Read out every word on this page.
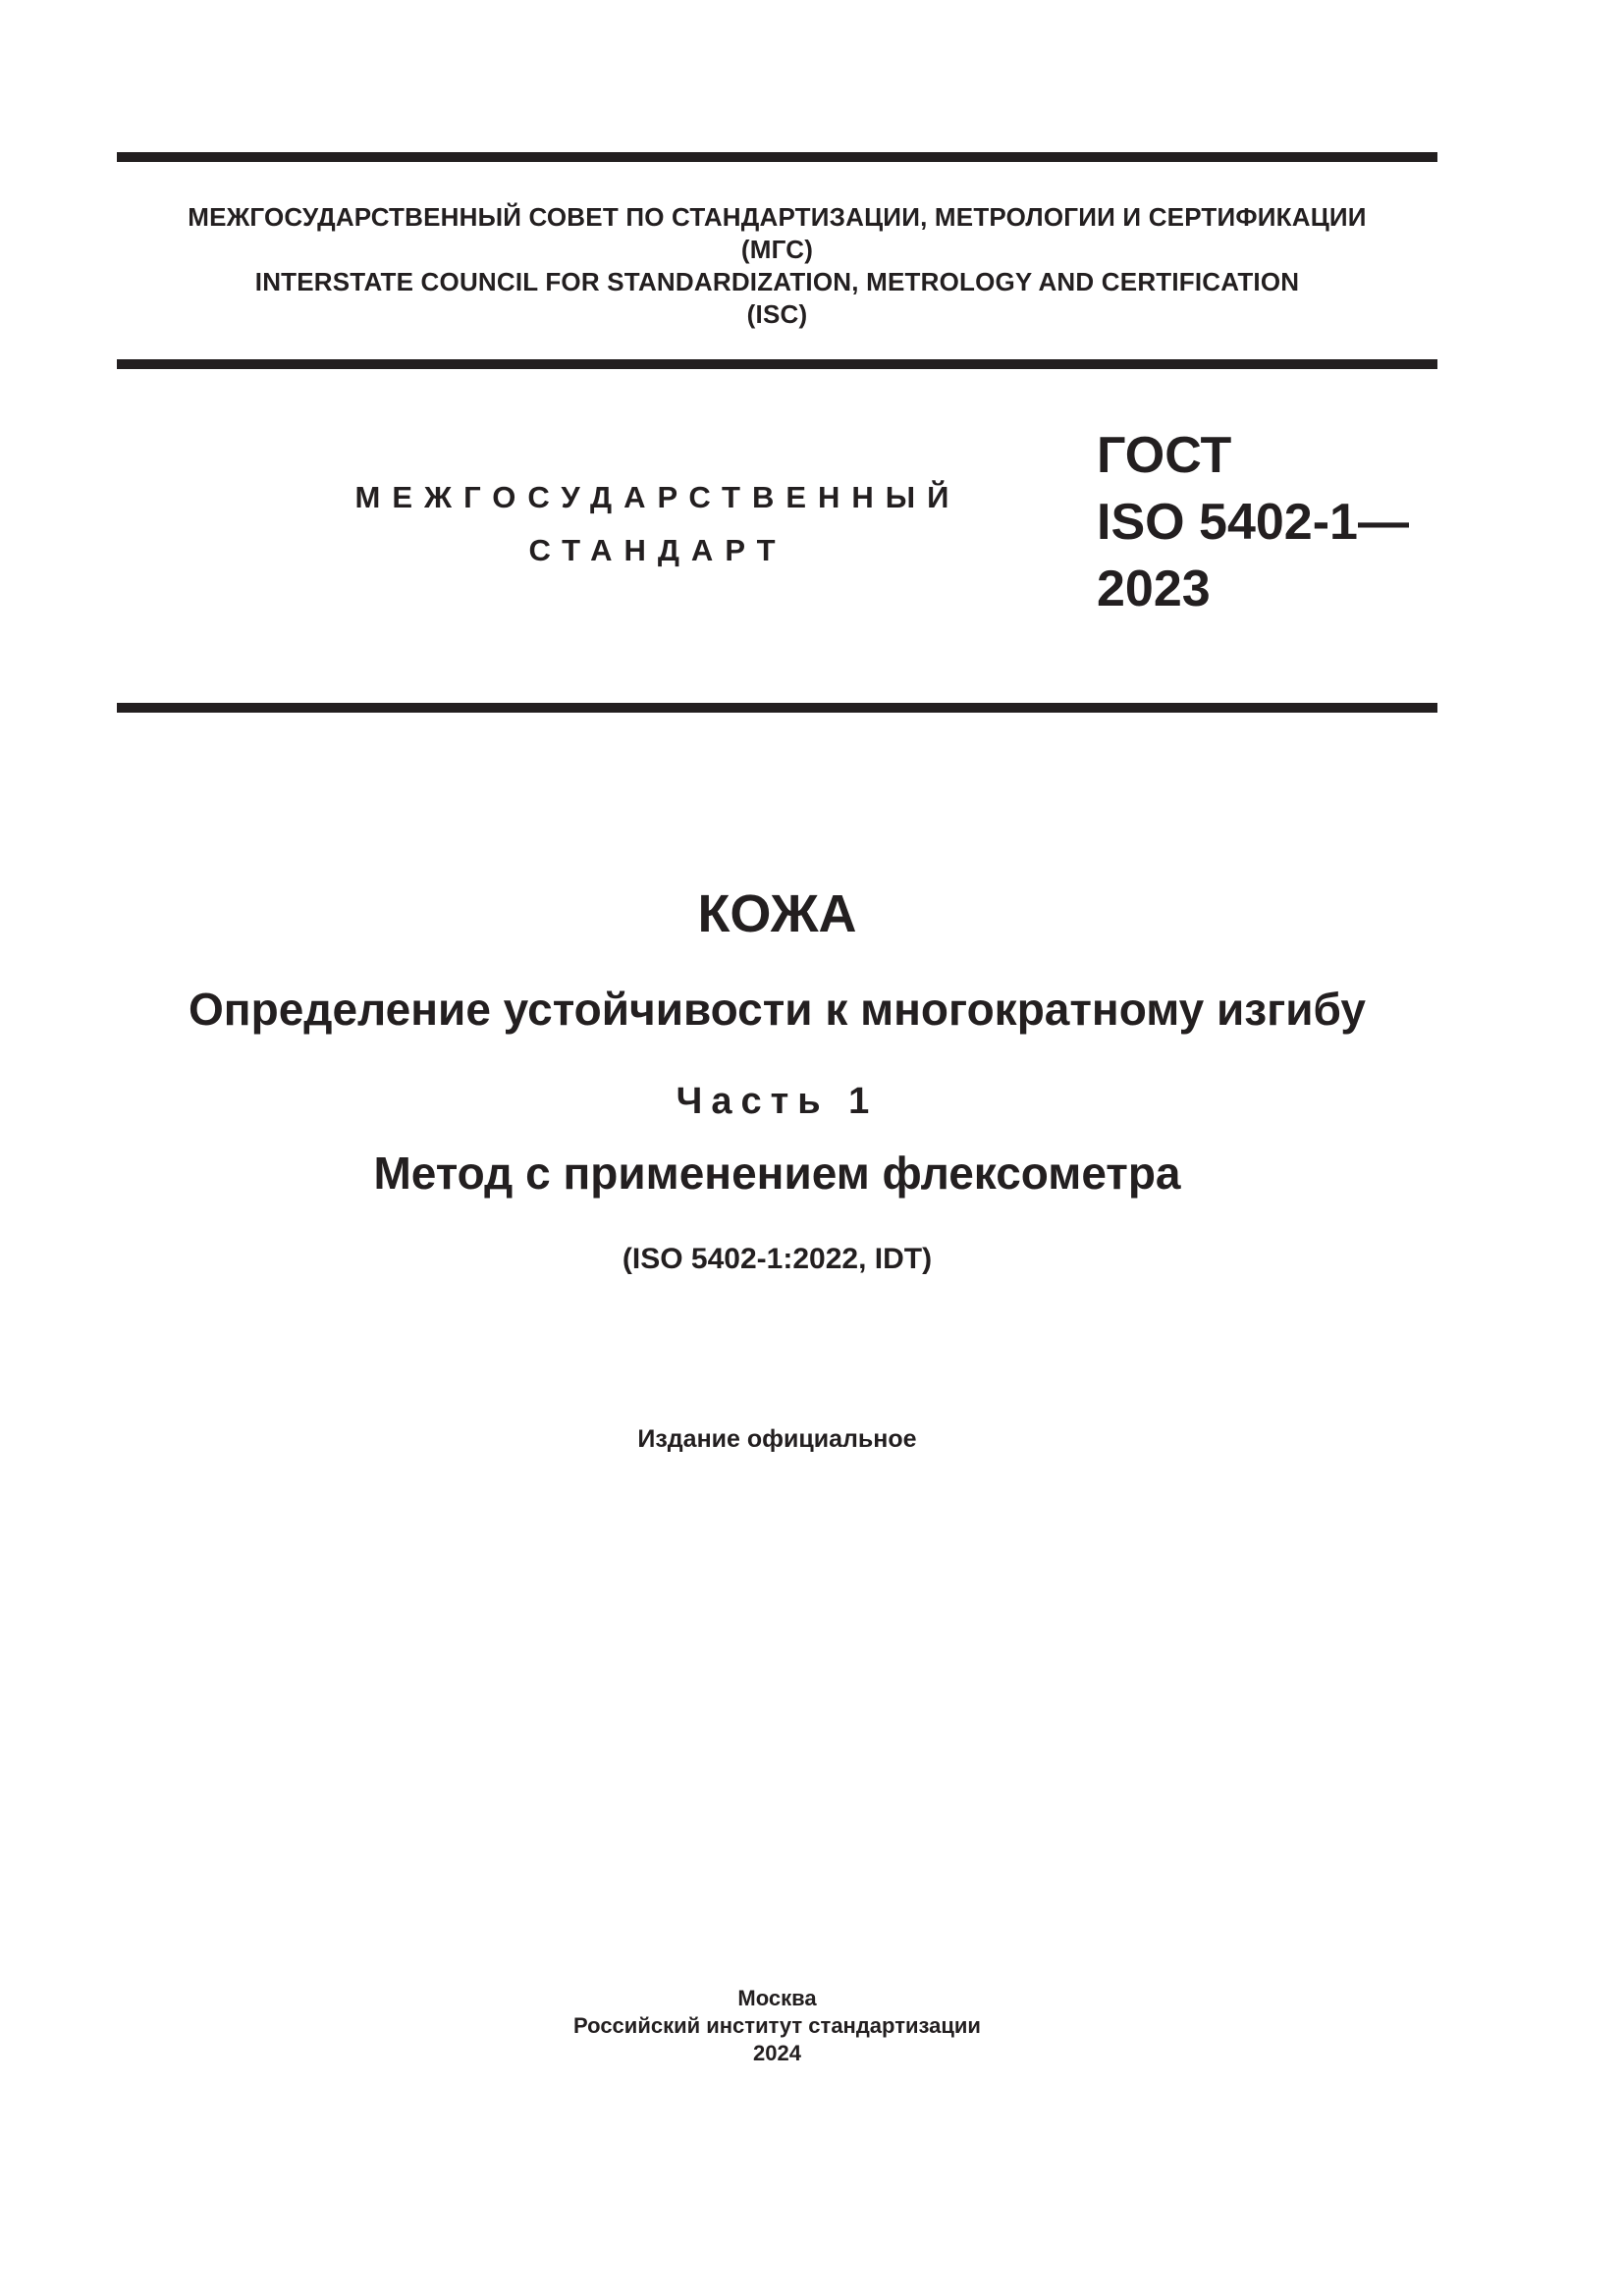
МЕЖГОСУДАРСТВЕННЫЙ СОВЕТ ПО СТАНДАРТИЗАЦИИ, МЕТРОЛОГИИ И СЕРТИФИКАЦИИ
(МГС)
INTERSTATE COUNCIL FOR STANDARDIZATION, METROLOGY AND CERTIFICATION
(ISC)
МЕЖГОСУДАРСТВЕННЫЙ
СТАНДАРТ
ГОСТ
ISO 5402-1—
2023
КОЖА
Определение устойчивости к многократному изгибу
Часть 1
Метод с применением флексометра
(ISO 5402-1:2022, IDT)
Издание официальное
Москва
Российский институт стандартизации
2024
